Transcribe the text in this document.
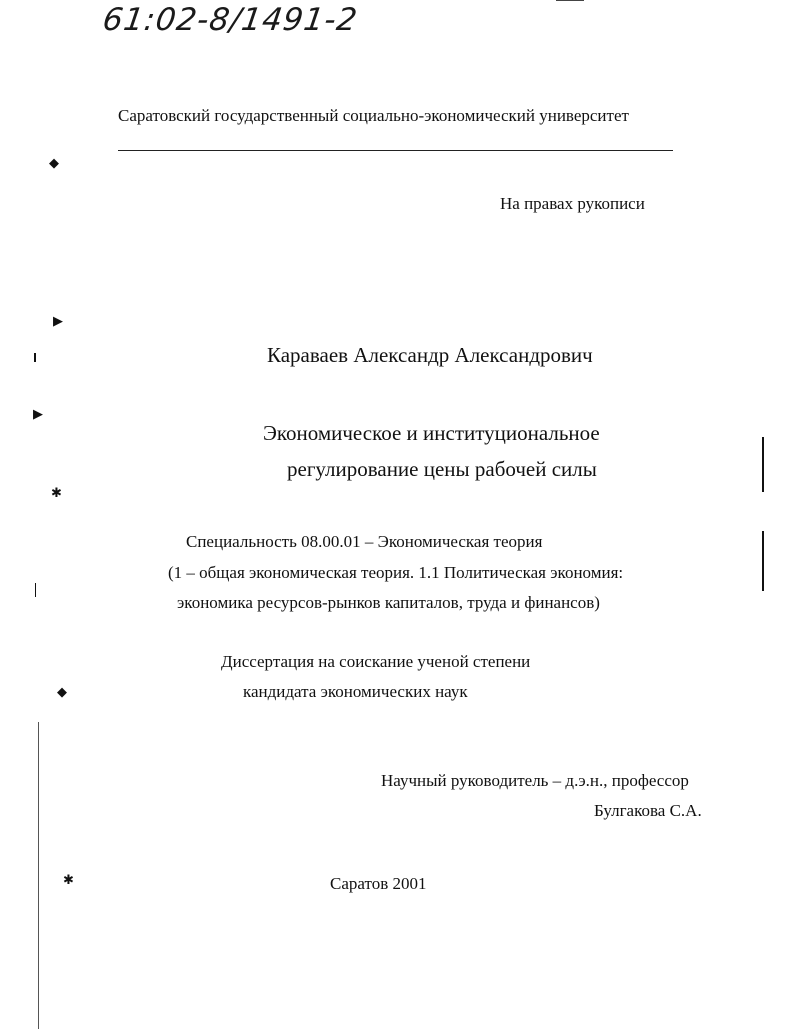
61:02-8/1491-2
Саратовский государственный социально-экономический университет
На правах рукописи
Караваев Александр Александрович
Экономическое и институциональное
регулирование цены рабочей силы
Специальность 08.00.01 – Экономическая теория
(1 – общая экономическая теория. 1.1 Политическая экономия:
экономика ресурсов-рынков капиталов, труда и финансов)
Диссертация на соискание ученой степени
кандидата экономических наук
Научный руководитель – д.э.н., профессор
Булгакова С.А.
Саратов 2001
◆
▶
▶
✱
◆
✱
